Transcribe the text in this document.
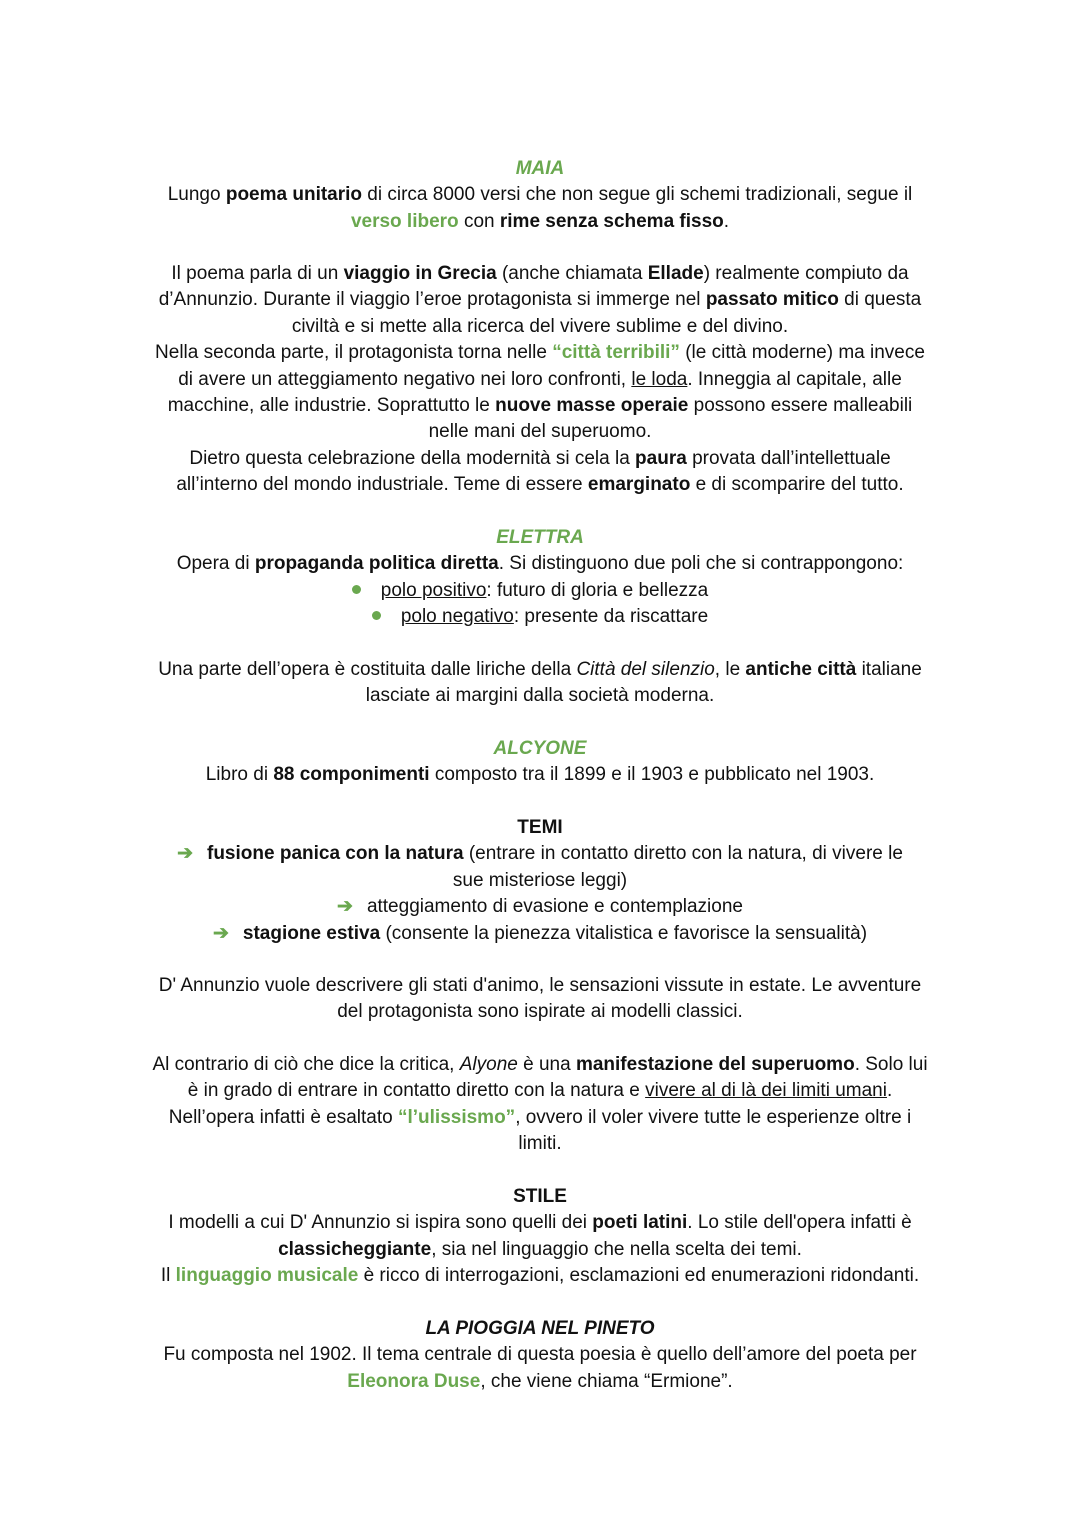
MAIA

Lungo poema unitario di circa 8000 versi che non segue gli schemi tradizionali, segue il
verso libero con rime senza schema fisso.

Il poema parla di un viaggio in Grecia (anche chiamata Ellade) realmente compiuto da
d’Annunzio. Durante il viaggio l’eroe protagonista si immerge nel passato mitico di questa
civiltà e si mette alla ricerca del vivere sublime e del divino.
Nella seconda parte, il protagonista torna nelle “città terribili” (le città moderne) ma invece
di avere un atteggiamento negativo nei loro confronti, le loda. Inneggia al capitale, alle
macchine, alle industrie. Soprattutto le nuove masse operaie possono essere malleabili
nelle mani del superuomo.
Dietro questa celebrazione della modernità si cela la paura provata dall’intellettuale
all’interno del mondo industriale. Teme di essere emarginato e di scomparire del tutto.

ELETTRA

Opera di propaganda politica diretta. Si distinguono due poli che si contrappongono:

polo positivo: futuro di gloria e bellezza

polo negativo: presente da riscattare

Una parte dell’opera è costituita dalle liriche della Città del silenzio, le antiche città italiane
lasciate ai margini dalla società moderna.

ALCYONE

Libro di 88 componimenti composto tra il 1899 e il 1903 e pubblicato nel 1903.

TEMI

➔ fusione panica con la natura (entrare in contatto diretto con la natura, di vivere le
sue misteriose leggi)

➔ atteggiamento di evasione e contemplazione

➔ stagione estiva (consente la pienezza vitalistica e favorisce la sensualità)

D' Annunzio vuole descrivere gli stati d'animo, le sensazioni vissute in estate. Le avventure
del protagonista sono ispirate ai modelli classici.

Al contrario di ciò che dice la critica, Alyone è una manifestazione del superuomo. Solo lui
è in grado di entrare in contatto diretto con la natura e vivere al di là dei limiti umani.
Nell’opera infatti è esaltato “l’ulissismo”, ovvero il voler vivere tutte le esperienze oltre i
limiti.

STILE

I modelli a cui D' Annunzio si ispira sono quelli dei poeti latini. Lo stile dell'opera infatti è
classicheggiante, sia nel linguaggio che nella scelta dei temi.
Il linguaggio musicale è ricco di interrogazioni, esclamazioni ed enumerazioni ridondanti.

LA PIOGGIA NEL PINETO

Fu composta nel 1902. Il tema centrale di questa poesia è quello dell’amore del poeta per
Eleonora Duse, che viene chiama “Ermione”.
